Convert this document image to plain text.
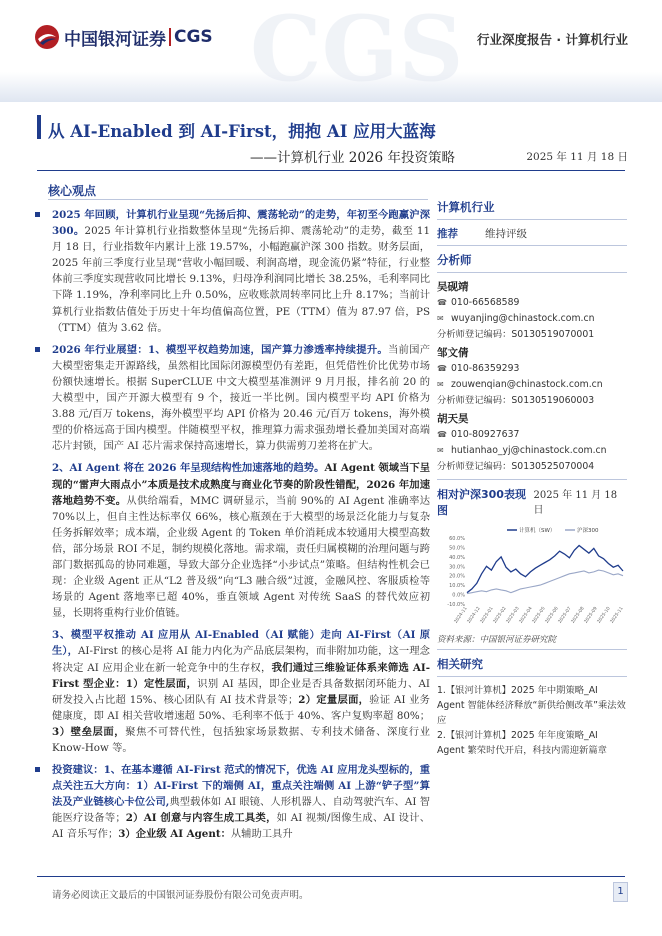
中国银河证券 CGS	行业深度报告 · 计算机行业
CGS
从 AI-Enabled 到 AI-First，拥抱 AI 应用大蓝海
——计算机行业 2026 年投资策略	2025 年 11 月 18 日
核心观点
2025 年回顾，计算机行业呈现“先扬后抑、震荡轮动”的走势，年初至今跑赢沪深 300。2025 年计算机行业指数整体呈现“先扬后抑、震荡轮动”的走势，截至 11 月 18 日，行业指数年内累计上涨 19.57%，小幅跑赢沪深 300 指数。财务层面，2025 年前三季度行业呈现“营收小幅回暖、利润高增，现金流仍紧”特征，行业整体前三季度实现营收同比增长 9.13%，归母净利润同比增长 38.25%，毛利率同比下降 1.19%，净利率同比上升 0.50%，应收账款周转率同比上升 8.17%；当前计算机行业指数估值处于历史十年均值偏高位置，PE（TTM）值为 87.97 倍，PS（TTM）值为 3.62 倍。
2026 年行业展望：1、模型平权趋势加速，国产算力渗透率持续提升。当前国产大模型密集走开源路线，虽然相比国际闭源模型仍有差距，但凭借性价比优势市场份额快速增长。根据 SuperCLUE 中文大模型基准测评 9 月月报，排名前 20 的大模型中，国产开源大模型有 9 个，接近一半比例。国内模型平均 API 价格为 3.88 元/百万 tokens，海外模型平均 API 价格为 20.46 元/百万 tokens，海外模型的价格远高于国内模型。伴随模型平权，推理算力需求强劲增长叠加美国对高端芯片封锁，国产 AI 芯片需求保持高速增长，算力供需剪刀差将在扩大。
2、AI Agent 将在 2026 年呈现结构性加速落地的趋势。AI Agent 领域当下呈现的“雷声大雨点小”本质是技术成熟度与商业化节奏的阶段性错配，2026 年加速落地趋势不变。从供给端看，MMC 调研显示，当前 90%的 AI Agent 准确率达 70%以上，但自主性达标率仅 66%，核心瓶颈在于大模型的场景泛化能力与复杂任务拆解效率；成本端，企业级 Agent 的 Token 单价消耗成本较通用大模型高数倍，部分场景 ROI 不足，制约规模化落地。需求端，责任归属模糊的治理问题与跨部门数据孤岛的协同难题，导致大部分企业选择“小步试点”策略。但结构性机会已现：企业级 Agent 正从“L2 普及级”向“L3 融合级”过渡，金融风控、客服质检等场景的 Agent 落地率已超 40%，垂直领域 Agent 对传统 SaaS 的替代效应初显，长期将重构行业价值链。
3、模型平权推动 AI 应用从 AI-Enabled（AI 赋能）走向 AI-First（AI 原生），AI-First 的核心是将 AI 能力内化为产品底层架构，而非附加功能，这一理念将决定 AI 应用企业在新一轮竞争中的生存权，我们通过三维验证体系来筛选 AI-First 型企业：1）定性层面，识别 AI 基因，即企业是否具备数据闭环能力、AI 研发投入占比超 15%、核心团队有 AI 技术背景等；2）定量层面，验证 AI 业务健康度，即 AI 相关营收增速超 50%、毛利率不低于 40%、客户复购率超 80%；3）壁垒层面，聚焦不可替代性，包括独家场景数据、专利技术储备、深度行业 Know-How 等。
投资建议：1、在基本遵循 AI-First 范式的情况下，优选 AI 应用龙头型标的，重点关注五大方向：1）AI-First 下的端侧 AI，重点关注端侧 AI 上游“铲子型”算法及产业链核心卡位公司,典型载体如 AI 眼镜、人形机器人、自动驾驶汽车、AI 智能医疗设备等；2）AI 创意与内容生成工具类，如 AI 视频/图像生成、AI 设计、AI 音乐写作；3）企业级 AI Agent：从辅助工具升
计算机行业
推荐	维持评级
分析师
吴砚靖
☎ 010-66568589
✉ wuyanjing@chinastock.com.cn
分析师登记编码：S0130519070001
邹文倩
☎ 010-86359293
✉ zouwenqian@chinastock.com.cn
分析师登记编码：S0130519060003
胡天昊
☎ 010-80927637
✉ hutianhao_yj@chinastock.com.cn
分析师登记编码：S0130525070004
相对沪深300表现图
2025 年 11 月 18 日
60.0%
50.0%
40.0%
30.0%
20.0%
10.0%
0.0%
-10.0%
2024-11
2024-12
2025-01
2025-02
2025-03
2025-04
2025-05
2025-06
2025-07
2025-08
2025-09
2025-10
2025-11
计算机（SW）	沪深300
资料来源：中国银河证券研究院
相关研究
1.【银河计算机】2025 年中期策略_AI Agent 智能体经济释放“新供给侧改革”乘法效应
2.【银河计算机】2025 年年度策略_AI Agent 繁荣时代开启，科技内需迎新篇章
请务必阅读正文最后的中国银河证券股份有限公司免责声明。	1
